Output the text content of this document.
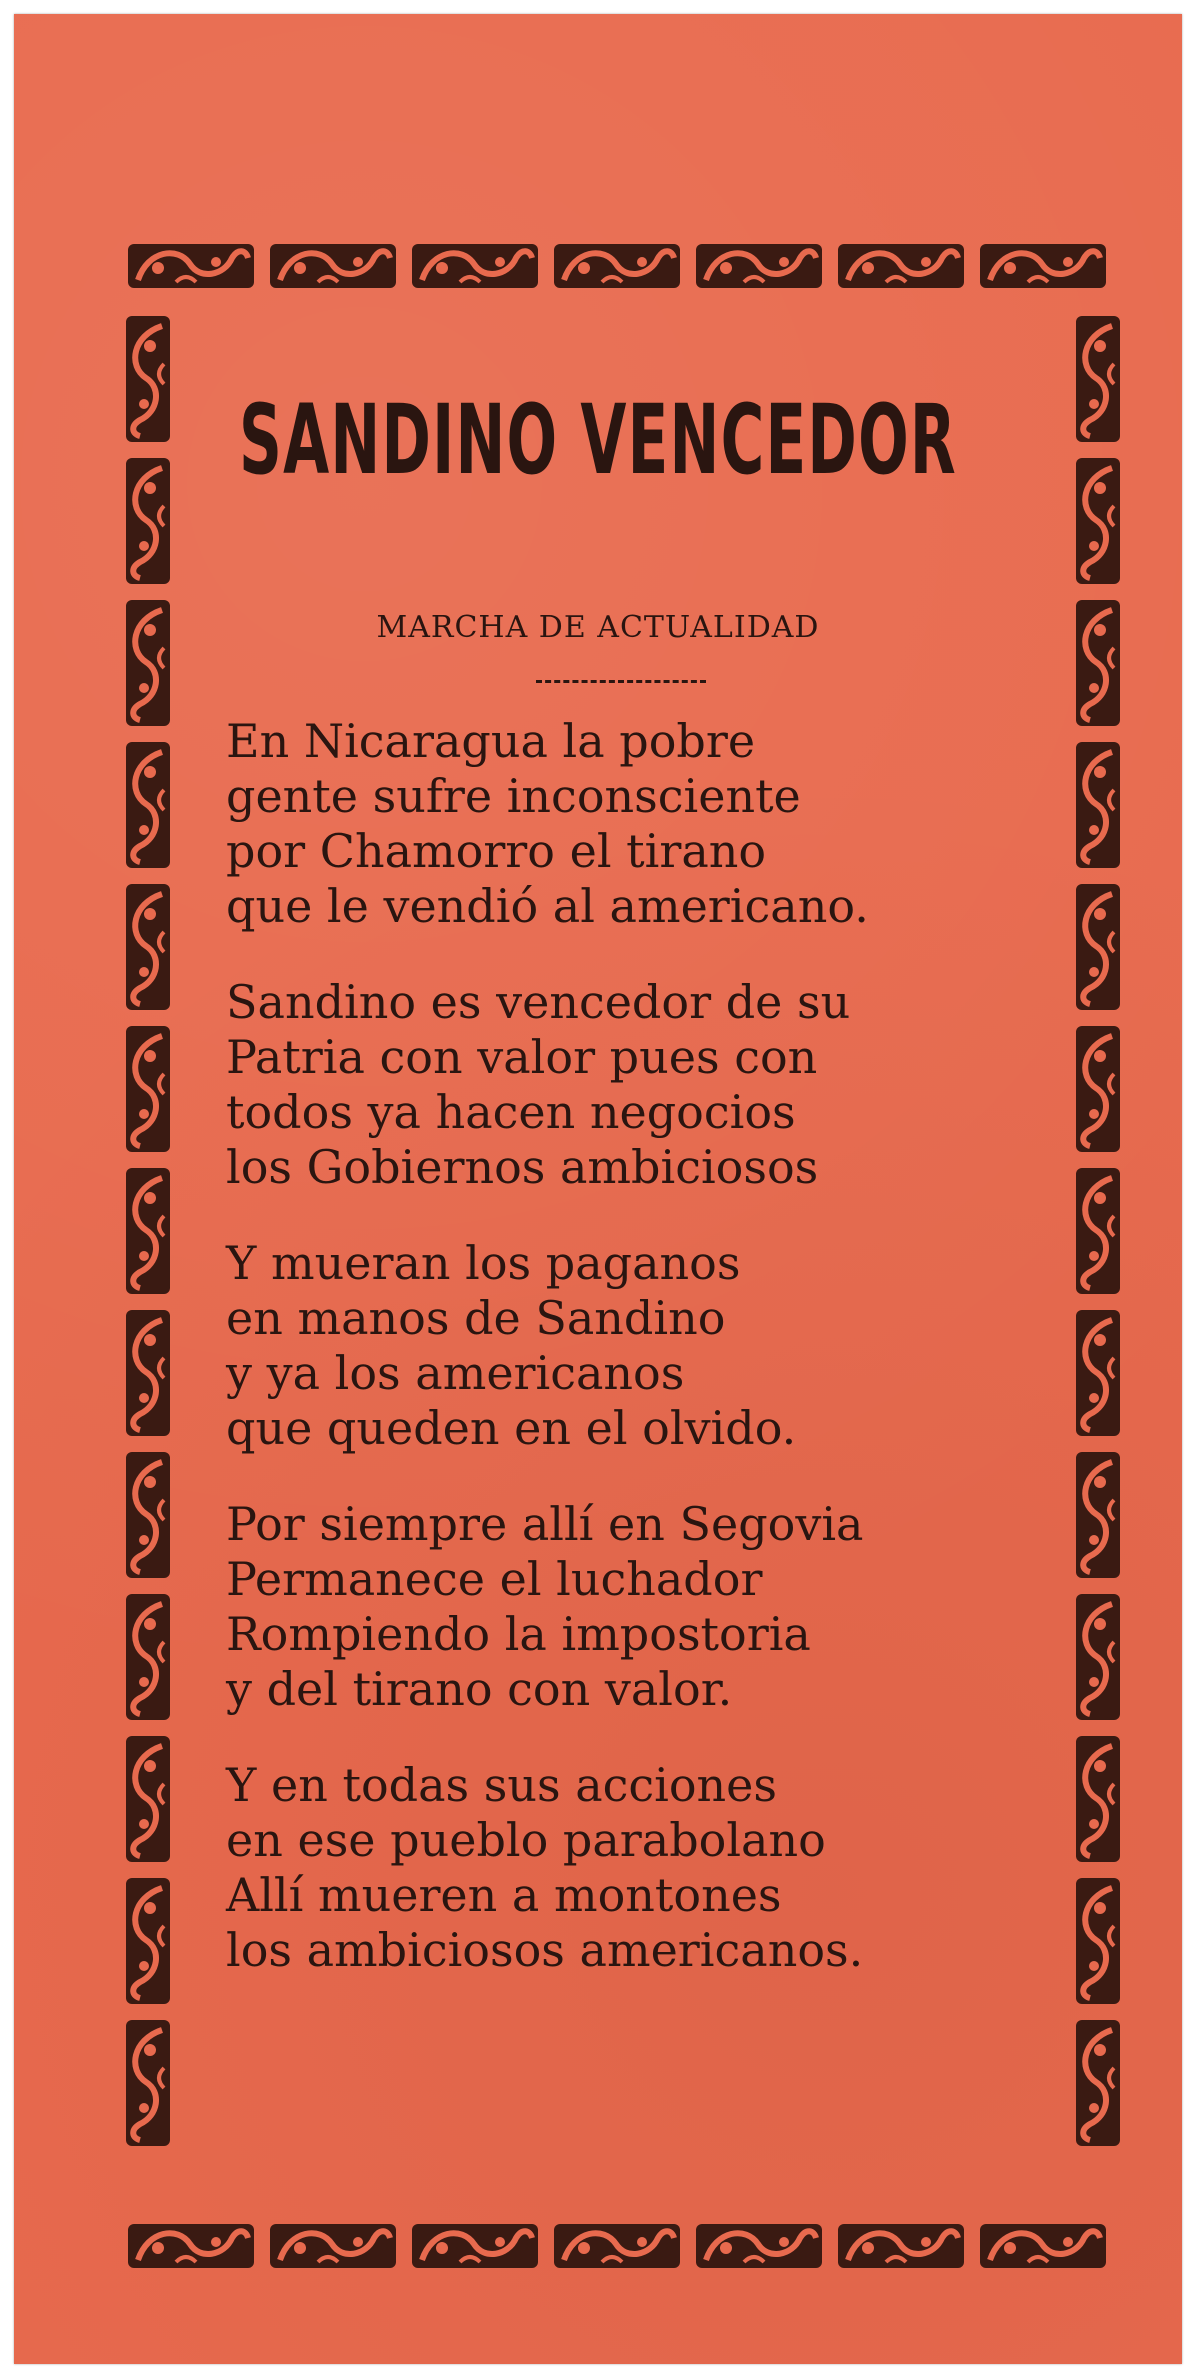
SANDINO VENCEDOR
MARCHA DE ACTUALIDAD
En Nicaragua la pobre
gente sufre inconsciente
por Chamorro el tirano
que le vendió al americano.
Sandino es vencedor de su
Patria con valor pues con
todos ya hacen negocios
los Gobiernos ambiciosos
Y mueran los paganos
en manos de Sandino
y ya los americanos
que queden en el olvido.
Por siempre allí en Segovia
Permanece el luchador
Rompiendo la impostoria
y del tirano con valor.
Y en todas sus acciones
en ese pueblo parabolano
Allí mueren a montones
los ambiciosos americanos.
